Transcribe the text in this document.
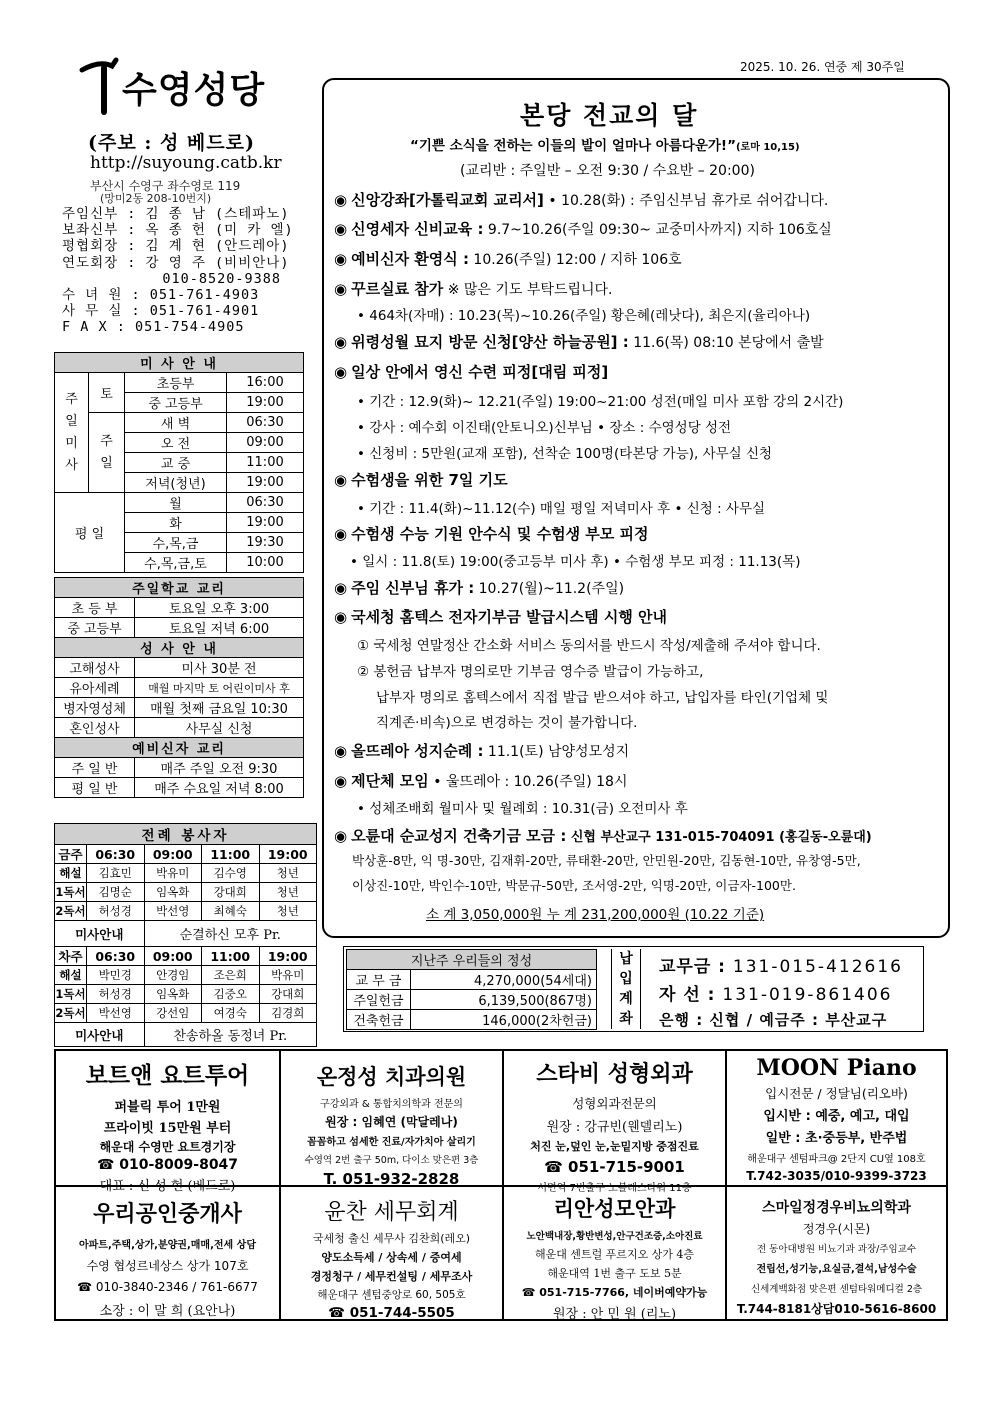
2025. 10. 26. 연중 제 30주일
수영성당
(주보 : 성 베드로)
http://suyoung.catb.kr
부산시 수영구 좌수영로 119
(망미2동 208-10번지)
주임신부 : 김 종 남 (스테파노)
보좌신부 : 옥 종 헌 (미 카 엘)
평협회장 : 김 계 현 (안드레아)
연도회장 : 강 영 주 (비비안나)
010-8520-9388
수 녀 원 : 051-761-4903
사 무 실 : 051-761-4901
F A X : 051-754-4905
미 사 안 내			
주
일
미
사	토	초등부	16:00
		중 고등부	19:00
	주
일	새 벽	06:30
		오 전	09:00
		교 중	11:00
		저녁(청년)	19:00
평 일		월	06:30
		화	19:00
		수,목,금	19:30
		수,목,금,토	10:00
주일학교 교리	
초 등 부	토요일 오후 3:00
중 고등부	토요일 저녁 6:00
성 사 안 내	
고해성사	미사 30분 전
유아세례	매월 마지막 토 어린이미사 후
병자영성체	매월 첫째 금요일 10:30
혼인성사	사무실 신청
예비신자 교리	
주 일 반	매주 주일 오전 9:30
평 일 반	매주 수요일 저녁 8:00
전례 봉사자				
금주	06:30	09:00	11:00	19:00
해설	김효민	박유미	김수영	청년
1독서	김명순	임옥화	강대희	청년
2독서	허성경	박선영	최혜숙	청년
미사안내		순결하신 모후 Pr.		
차주	06:30	09:00	11:00	19:00
해설	박민경	안경임	조은희	박유미
1독서	허성경	임옥화	김중오	강대희
2독서	박선영	강선임	여경숙	김경희
미사안내		찬송하올 동정녀 Pr.		
본당 전교의 달
“기쁜 소식을 전하는 이들의 발이 얼마나 아름다운가!”(로마 10,15)
(교리반 : 주일반 – 오전 9:30 / 수요반 – 20:00)
◉ 신앙강좌[가톨릭교회 교리서] • 10.28(화) : 주임신부님 휴가로 쉬어갑니다.
◉ 신영세자 신비교육 : 9.7~10.26(주일 09:30~ 교중미사까지) 지하 106호실
◉ 예비신자 환영식 : 10.26(주일) 12:00 / 지하 106호
◉ 꾸르실료 참가 ※ 많은 기도 부탁드립니다.
• 464차(자매) : 10.23(목)~10.26(주일) 황은혜(레낫다), 최은지(율리아나)
◉ 위령성월 묘지 방문 신청[양산 하늘공원] : 11.6(목) 08:10 본당에서 출발
◉ 일상 안에서 영신 수련 피정[대림 피정]
• 기간 : 12.9(화)~ 12.21(주일) 19:00~21:00 성전(매일 미사 포함 강의 2시간)
• 강사 : 예수회 이진태(안토니오)신부님 • 장소 : 수영성당 성전
• 신청비 : 5만원(교재 포함), 선착순 100명(타본당 가능), 사무실 신청
◉ 수험생을 위한 7일 기도
• 기간 : 11.4(화)~11.12(수) 매일 평일 저녁미사 후 • 신청 : 사무실
◉ 수험생 수능 기원 안수식 및 수험생 부모 피정
• 일시 : 11.8(토) 19:00(중고등부 미사 후) • 수험생 부모 피정 : 11.13(목)
◉ 주임 신부님 휴가 : 10.27(월)~11.2(주일)
◉ 국세청 홈텍스 전자기부금 발급시스템 시행 안내
① 국세청 연말정산 간소화 서비스 동의서를 반드시 작성/제출해 주셔야 합니다.
② 봉헌금 납부자 명의로만 기부금 영수증 발급이 가능하고,
납부자 명의로 홈텍스에서 직접 발급 받으셔야 하고, 납입자를 타인(기업체 및
직계존·비속)으로 변경하는 것이 불가합니다.
◉ 올뜨레아 성지순례 : 11.1(토) 남양성모성지
◉ 제단체 모임 • 울뜨레아 : 10.26(주일) 18시
• 성체조배회 월미사 및 월례회 : 10.31(금) 오전미사 후
◉ 오륜대 순교성지 건축기금 모금 : 신협 부산교구 131-015-704091 (홍길동-오륜대)
박상훈-8만, 익 명-30만, 김재휘-20만, 류태환-20만, 안민원-20만, 김동현-10만, 유창영-5만,
이상진-10만, 박인수-10만, 박문규-50만, 조서영-2만, 익명-20만, 이금자-100만.
소 계 3,050,000원 누 계 231,200,000원 (10.22 기준)
지난주 우리들의 정성	
교 무 금	4,270,000(54세대)
주일헌금	6,139,500(867명)
건축헌금	146,000(2차헌금)
납
입
계
좌
교무금 : 131-015-412616
자 선 : 131-019-861406
은행 : 신협 / 예금주 : 부산교구
보트앤 요트투어
퍼블릭 투어 1만원
프라이빗 15만원 부터
해운대 수영만 요트경기장
☎ 010-8009-8047
대표 : 신 성 현 (베드로)
온정성 치과의원
구강외과 & 통합치의학과 전문의
원장 : 임혜연 (막달레나)
꼼꼼하고 섬세한 진료/자가치아 살리기
수영역 2번 출구 50m, 다이소 맞은편 3층
T. 051-932-2828
스타비 성형외과
성형외과전문의
원장 : 강규빈(웬델리노)
처진 눈,덮인 눈,눈밑지방 중점진료
☎ 051-715-9001
서면역 7번출구 노블레스타워 11층
MOON Piano
입시전문 / 정달님(리오바)
입시반 : 예중, 예고, 대입
일반 : 초·중등부, 반주법
해운대구 센텀파크@ 2단지 CU옆 108호
T.742-3035/010-9399-3723
우리공인중개사
아파트,주택,상가,분양권,매매,전세 상담
수영 협성르네상스 상가 107호
☎ 010-3840-2346 / 761-6677
소장 : 이 말 희 (요안나)
윤찬 세무회계
국세청 출신 세무사 김찬희(레오)
양도소득세 / 상속세 / 증여세
경정청구 / 세무컨설팅 / 세무조사
해운대구 센텀중앙로 60, 505호
☎ 051-744-5505
리안성모안과
노안백내장,황반변성,안구건조증,소아진료
해운대 센트럴 푸르지오 상가 4층
해운대역 1번 출구 도보 5분
☎ 051-715-7766, 네이버예약가능
원장 : 안 민 원 (리노)
스마일정경우비뇨의학과
정경우(시몬)
전 동아대병원 비뇨기과 과장/주임교수
전립선,성기능,요실금,결석,남성수술
신세계백화점 맞은편 센텀타워메디컬 2층
T.744-8181상담010-5616-8600
